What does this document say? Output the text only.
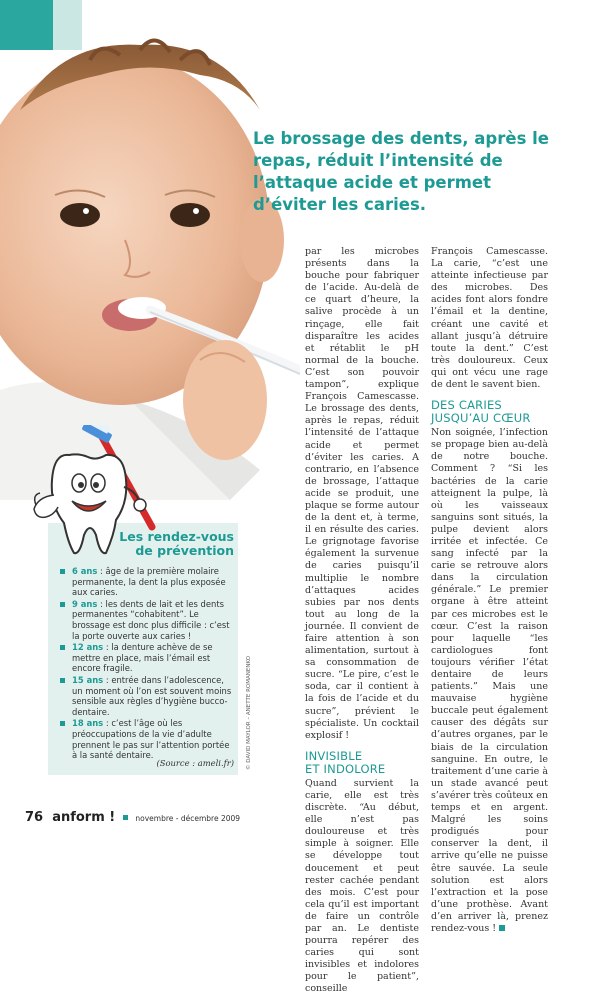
Le brossage des dents, après le repas, réduit l’intensité de l’attaque acide et permet d’éviter les caries.

par les microbes présents dans la bouche pour fabriquer de l’acide. Au-delà de ce quart d’heure, la salive procède à un rinçage, elle fait disparaître les acides et rétablit le pH normal de la bouche. C’est son pouvoir tampon”, explique François Camescasse. Le brossage des dents, après le repas, réduit l’intensité de l’attaque acide et permet d’éviter les caries. A contrario, en l’absence de brossage, l’attaque acide se produit, une plaque se forme autour de la dent et, à terme, il en résulte des caries. Le grignotage favorise également la survenue de caries puisqu’il multiplie le nombre d’attaques acides subies par nos dents tout au long de la journée. Il convient de faire attention à son alimentation, surtout à sa consommation de sucre. “Le pire, c’est le soda, car il contient à la fois de l’acide et du sucre”, prévient le spécialiste. Un cocktail explosif !

INVISIBLE
ET INDOLORE

Quand survient la carie, elle est très discrète. “Au début, elle n’est pas douloureuse et très simple à soigner. Elle se développe tout doucement et peut rester cachée pendant des mois. C’est pour cela qu’il est important de faire un contrôle par an. Le dentiste pourra repérer des caries qui sont invisibles et indolores pour le patient”, conseille

François Camescasse. La carie, “c’est une atteinte infectieuse par des microbes. Des acides font alors fondre l’émail et la dentine, créant une cavité et allant jusqu’à détruire toute la dent.” C’est très douloureux. Ceux qui ont vécu une rage de dent le savent bien.

DES CARIES
JUSQU’AU CŒUR

Non soignée, l’infection se propage bien au-delà de notre bouche. Comment ? “Si les bactéries de la carie atteignent la pulpe, là où les vaisseaux sanguins sont situés, la pulpe devient alors irritée et infectée. Ce sang infecté par la carie se retrouve alors dans la circulation générale.” Le premier organe à être atteint par ces microbes est le cœur. C’est la raison pour laquelle “les cardiologues font toujours vérifier l’état dentaire de leurs patients.” Mais une mauvaise hygiène buccale peut également causer des dégâts sur d’autres organes, par le biais de la circulation sanguine. En outre, le traitement d’une carie à un stade avancé peut s’avérer très coûteux en temps et en argent. Malgré les soins prodigués pour conserver la dent, il arrive qu’elle ne puisse être sauvée. La seule solution est alors l’extraction et la pose d’une prothèse. Avant d’en arriver là, prenez rendez-vous !

Les rendez-vous
de prévention
6 ans : âge de la première molaire permanente, la dent la plus exposée aux caries.
9 ans : les dents de lait et les dents permanentes “cohabitent”. Le brossage est donc plus difficile : c’est la porte ouverte aux caries !
12 ans : la denture achève de se mettre en place, mais l’émail est encore fragile.
15 ans : entrée dans l’adolescence, un moment où l’on est souvent moins sensible aux règles d’hygiène bucco-dentaire.
18 ans : c’est l’âge où les préoccupations de la vie d’adulte prennent le pas sur l’attention portée à la santé dentaire.
(Source : ameli.fr) © DAVID MAYLOR – ANETTE ROMANENKO
76 anform !	novembre - décembre 2009
